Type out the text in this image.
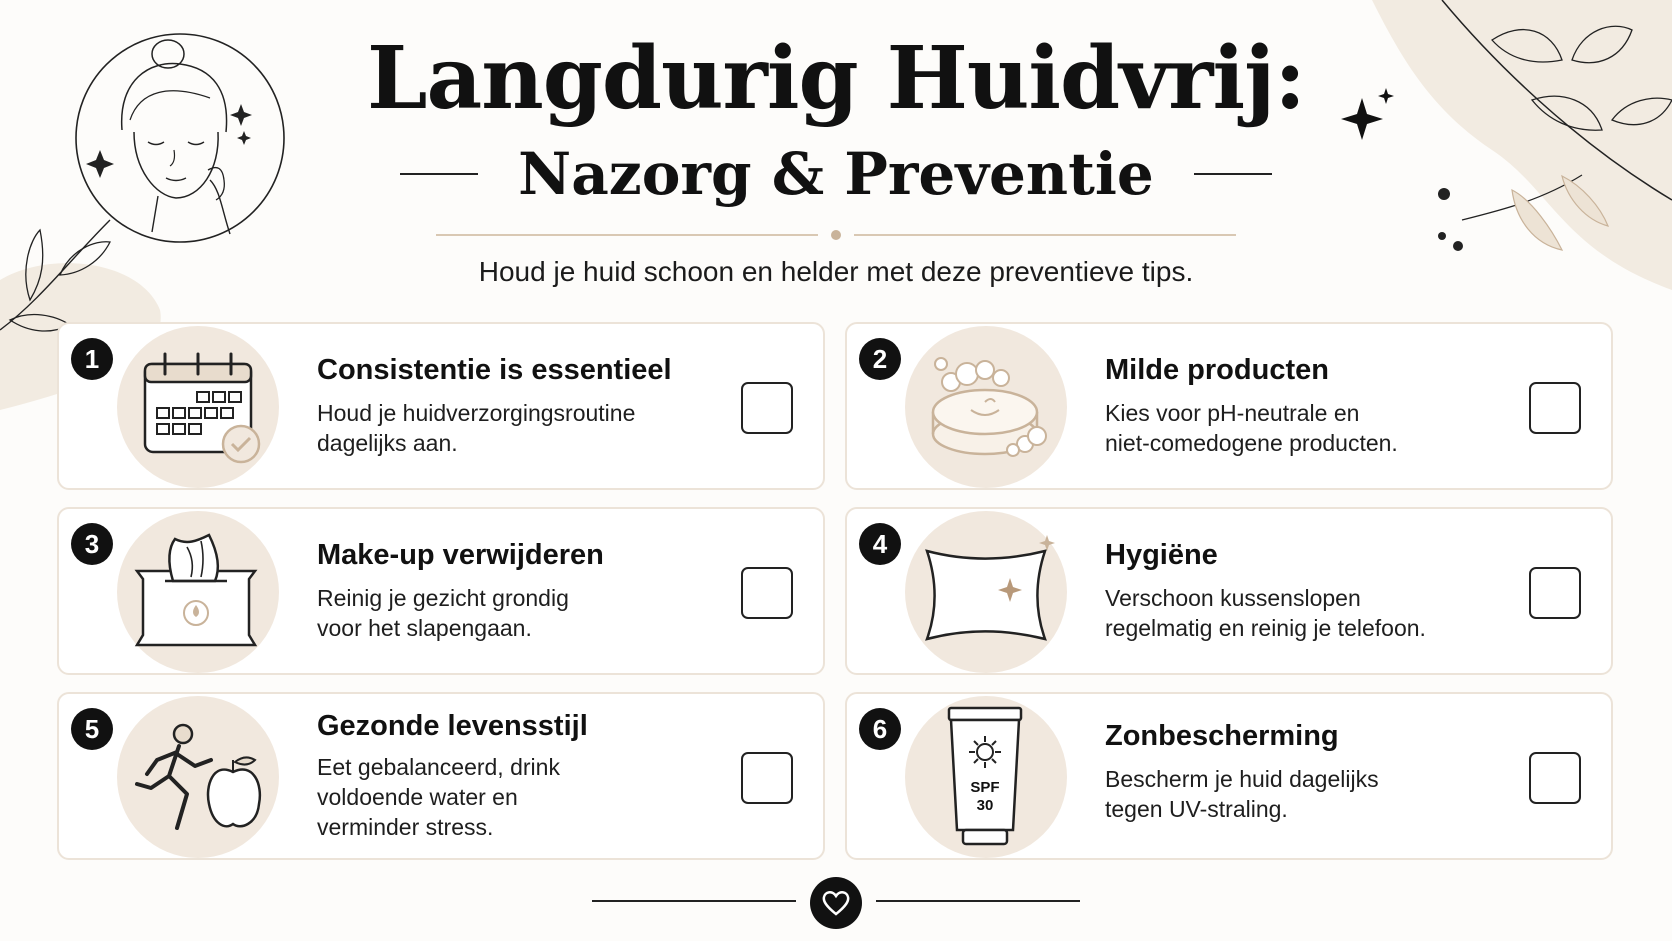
Langdurig Huidvrij:
Nazorg & Preventie
Houd je huid schoon en helder met deze preventieve tips.
1	Consistentie is essentieel
Houd je huidverzorgingsroutine
dagelijks aan.
2	Milde producten
Kies voor pH-neutrale en
niet-comedogene producten.
3	Make-up verwijderen
Reinig je gezicht grondig
voor het slapengaan.
4	Hygiëne
Verschoon kussenslopen
regelmatig en reinig je telefoon.
5	Gezonde levensstijl
Eet gebalanceerd, drink
voldoende water en
verminder stress.
6
SPF
30
Zonbescherming
Bescherm je huid dagelijks
tegen UV-straling.
